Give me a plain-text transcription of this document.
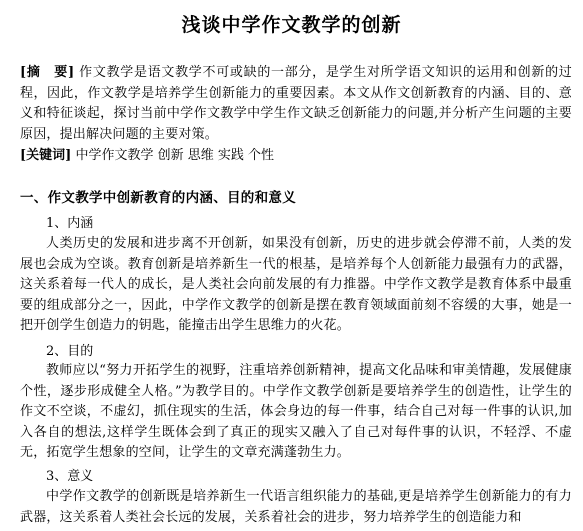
浅谈中学作文教学的创新
[摘　要] 作文教学是语文教学不可或缺的一部分，是学生对所学语文知识的运用和创新的过程，因此，作文教学是培养学生创新能力的重要因素。本文从作文创新教育的内涵、目的、意义和特征谈起，探讨当前中学作文教学中学生作文缺乏创新能力的问题,并分析产生问题的主要原因，提出解决问题的主要对策。
[关键词] 中学作文教学 创新 思维 实践 个性
一、作文教学中创新教育的内涵、目的和意义
1、内涵
人类历史的发展和进步离不开创新，如果没有创新，历史的进步就会停滞不前，人类的发展也会成为空谈。教育创新是培养新生一代的根基，是培养每个人创新能力最强有力的武器，这关系着每一代人的成长，是人类社会向前发展的有力推器。中学作文教学是教育体系中最重要的组成部分之一，因此，中学作文教学的创新是摆在教育领域面前刻不容缓的大事，她是一把开创学生创造力的钥匙，能撞击出学生思维力的火花。
2、目的
教师应以“努力开拓学生的视野，注重培养创新精神，提高文化品味和审美情趣，发展健康个性，逐步形成健全人格。”为教学目的。中学作文教学创新是要培养学生的创造性，让学生的作文不空谈，不虚幻，抓住现实的生活，体会身边的每一件事，结合自己对每一件事的认识,加入各自的想法,这样学生既体会到了真正的现实又融入了自己对每件事的认识，不轻浮、不虚无，拓宽学生想象的空间，让学生的文章充满蓬勃生力。
3、意义
中学作文教学的创新既是培养新生一代语言组织能力的基础,更是培养学生创新能力的有力武器，这关系着人类社会长远的发展，关系着社会的进步，努力培养学生的创造能力和
